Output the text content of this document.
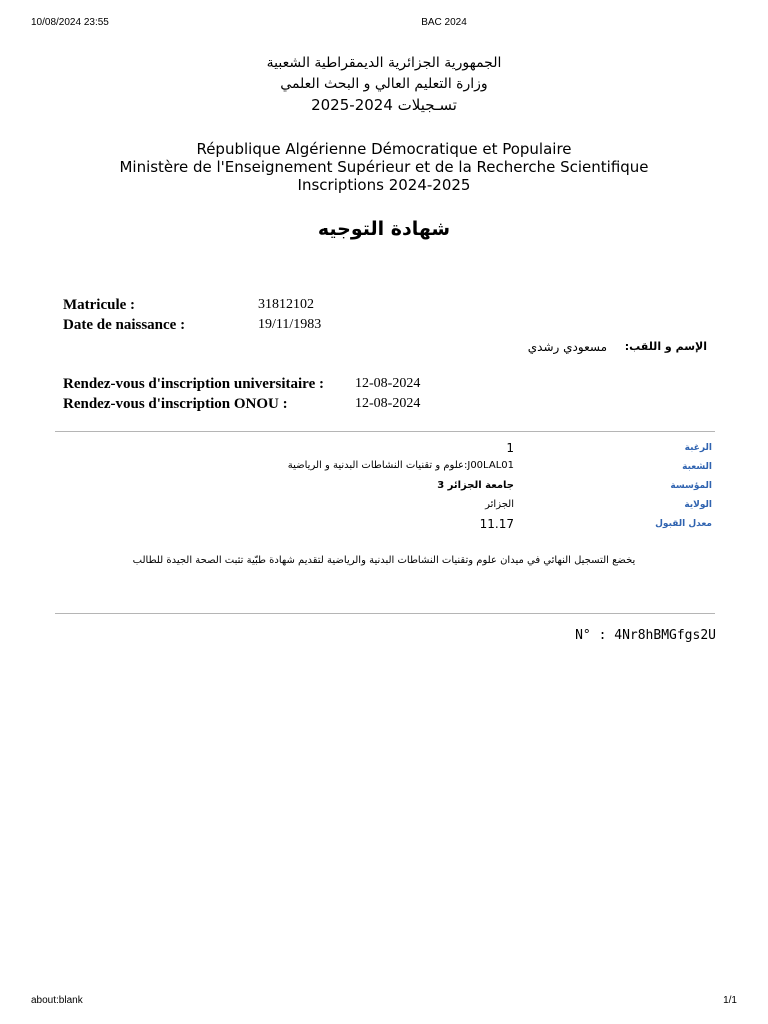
10/08/2024 23:55	BAC 2024
الجمهورية الجزائرية الديمقراطية الشعبية
وزارة التعليم العالي و البحث العلمي
تسـجيلات 2024-2025
République Algérienne Démocratique et Populaire
Ministère de l'Enseignement Supérieur et de la Recherche Scientifique
Inscriptions 2024-2025
شهادة التوجيه
Matricule :	31812102
Date de naissance :	19/11/1983
الإسم و اللقب:
مسعودي رشدي
Rendez-vous d'inscription universitaire : 12-08-2024
Rendez-vous d'inscription ONOU :	12-08-2024
الرغبة
1
الشعبة
J00LAL01:علوم و تقنيات النشاطات البدنية و الرياضية
المؤسسة
جامعة الجزائر 3
الولاية
الجزائر
معدل القبول
11.17
يخضع التسجيل النهائي في ميدان علوم وتقنيات النشاطات البدنية والرياضية لتقديم شهادة طبّية تثبت الصحة الجيدة للطالب
N° : 4Nr8hBMGfgs2U
about:blank	1/1
